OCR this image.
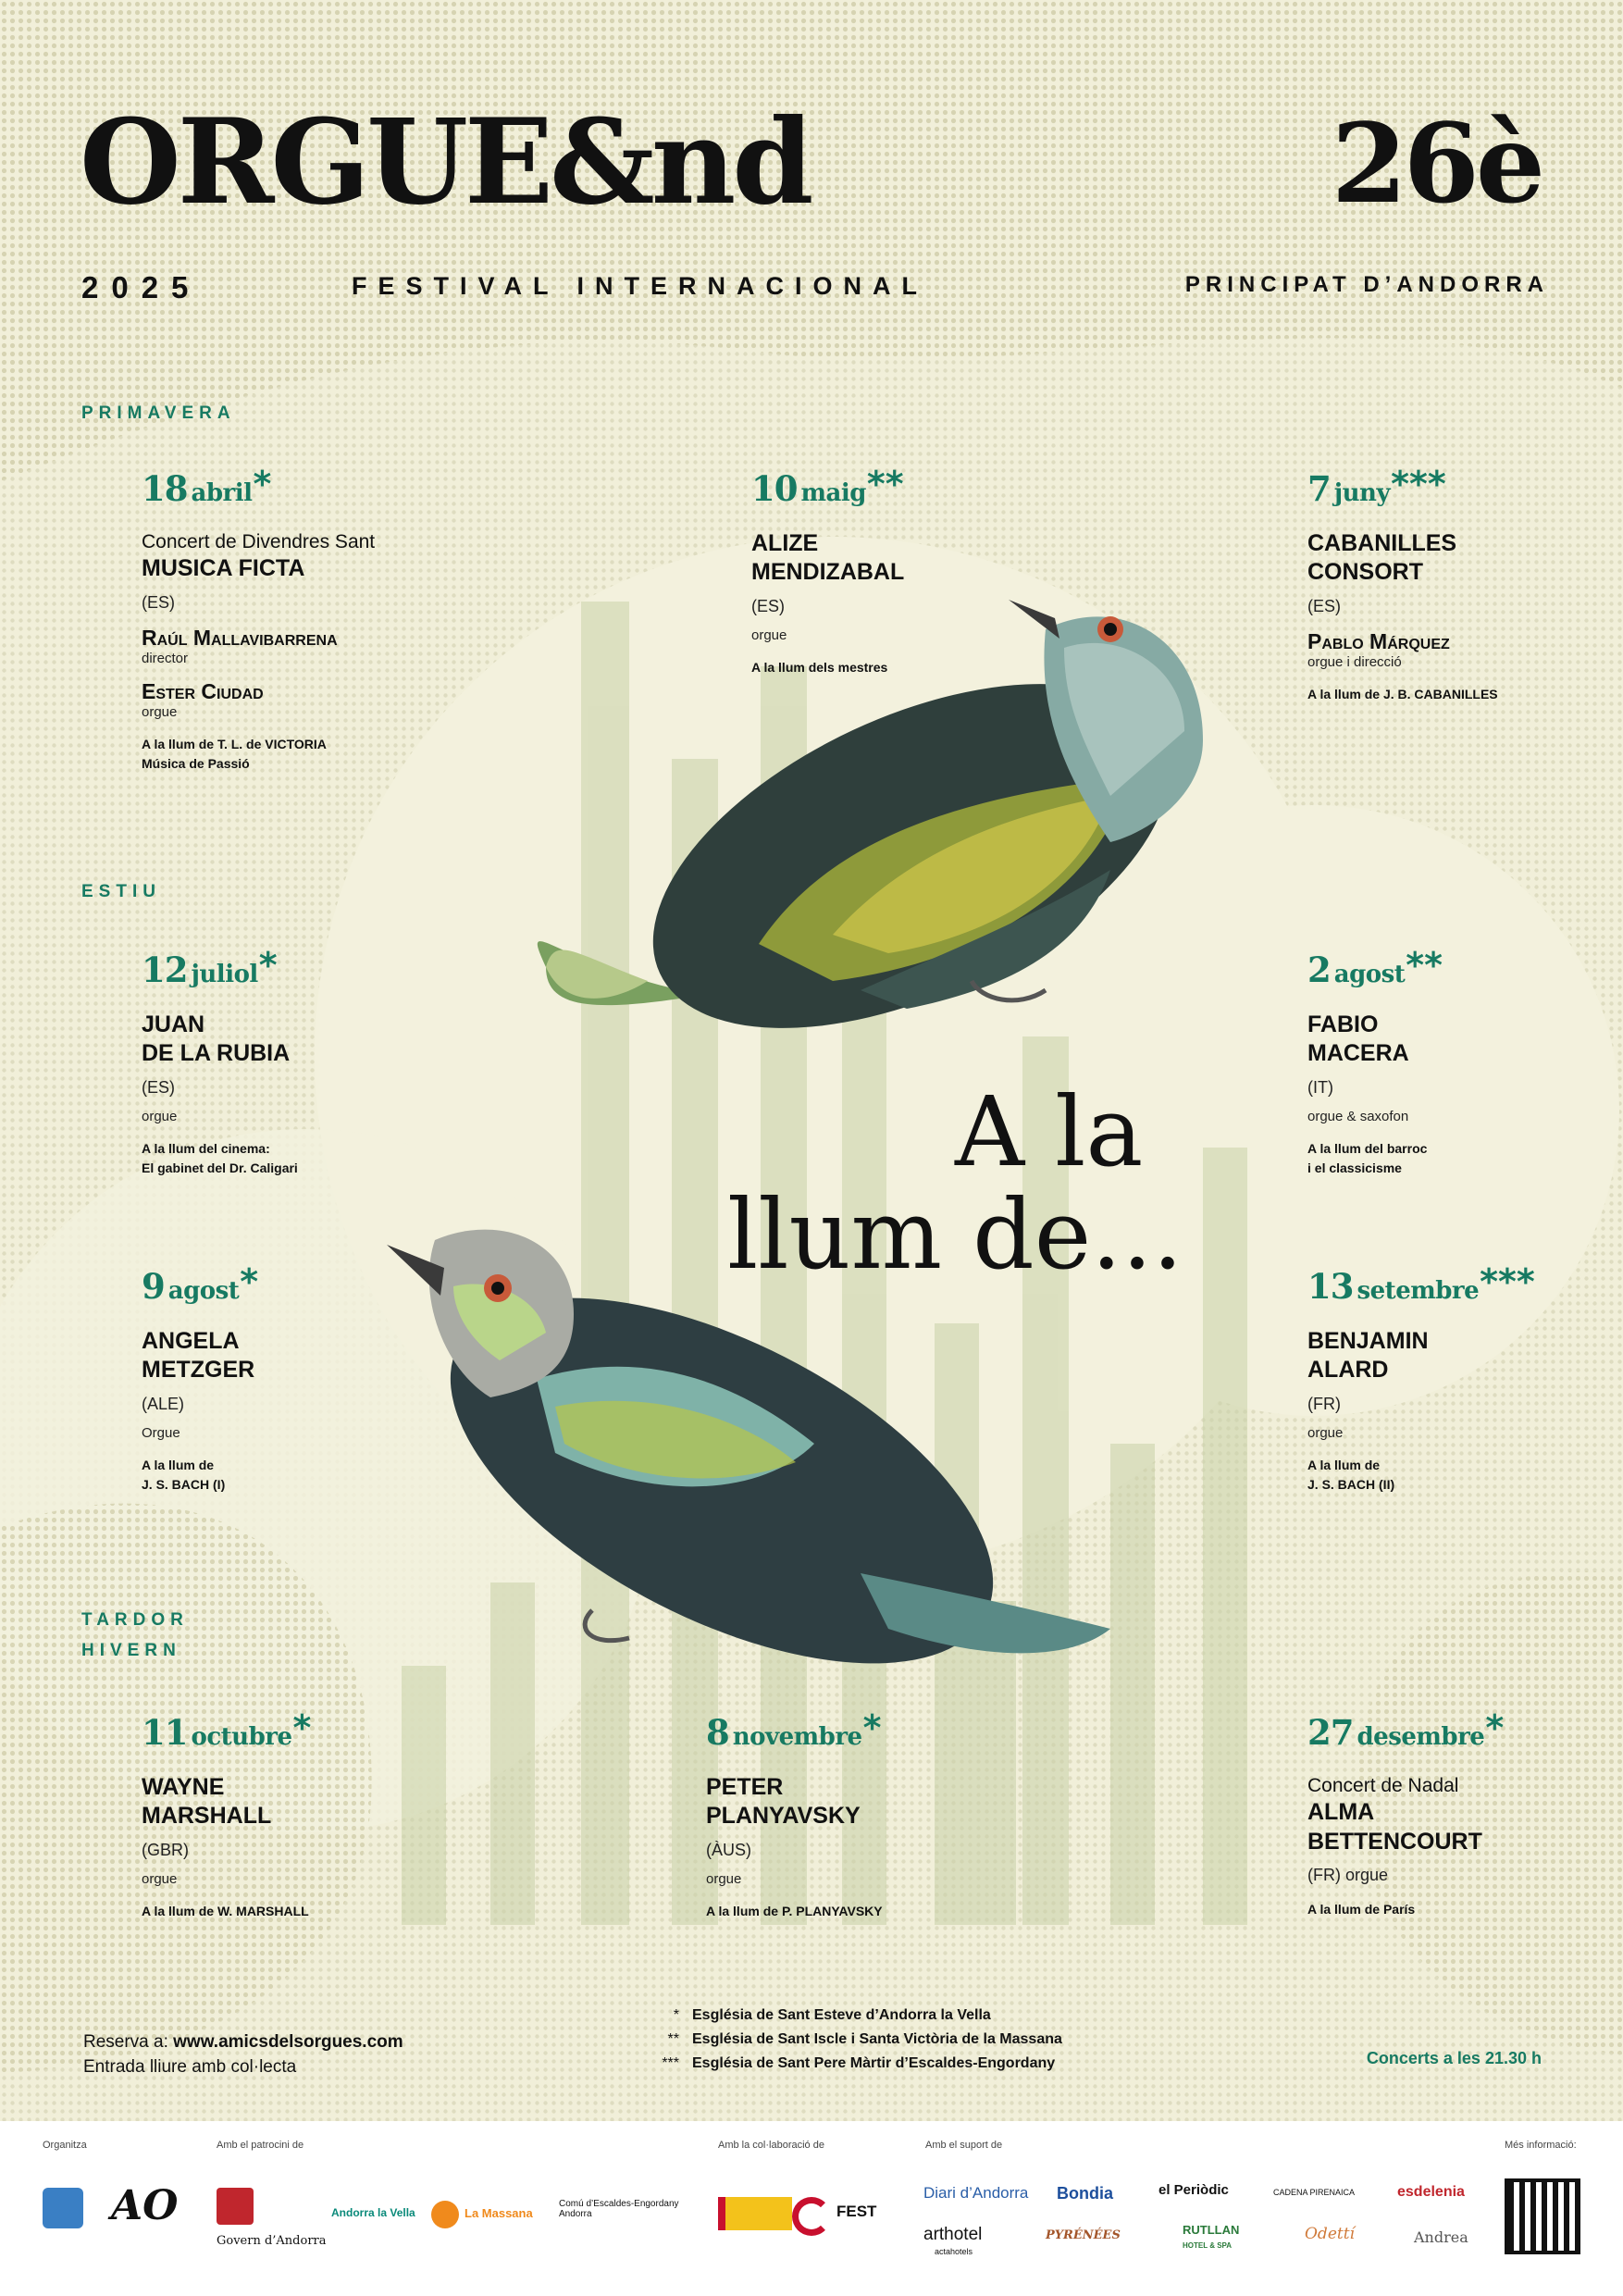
ORGUE&nd	26è
2025	FESTIVAL INTERNACIONAL	PRINCIPAT D’ANDORRA
PRIMAVERA
ESTIU
TARDOR
HIVERN
18 abril*
Concert de Divendres Sant
MUSICA FICTA
(ES)
Raúl Mallavibarrena
director
Ester Ciudad
orgue
A la llum de T. L. de VICTORIA
Música de Passió
10 maig**
ALIZE
MENDIZABAL
(ES)
orgue
A la llum dels mestres
7 juny***
CABANILLES
CONSORT
(ES)
Pablo Márquez
orgue i direcció
A la llum de J. B. CABANILLES
12 juliol*
JUAN
DE LA RUBIA
(ES)
orgue
A la llum del cinema:
El gabinet del Dr. Caligari
2 agost**
FABIO
MACERA
(IT)
orgue & saxofon
A la llum del barroc
i el classicisme
9 agost*
ANGELA
METZGER
(ALE)
Orgue
A la llum de
J. S. BACH (I)
13 setembre***
BENJAMIN
ALARD
(FR)
orgue
A la llum de
J. S. BACH (II)
11 octubre*
WAYNE
MARSHALL
(GBR)
orgue
A la llum de W. MARSHALL
8 novembre*
PETER
PLANYAVSKY
(ÀUS)
orgue
A la llum de P. PLANYAVSKY
27 desembre*
Concert de Nadal
ALMA
BETTENCOURT
(FR) orgue
A la llum de París
A la
llum de...
Reserva a: www.amicsdelsorgues.com
Entrada lliure amb col·lecta
* Església de Sant Esteve d’Andorra la Vella
** Església de Sant Iscle i Santa Victòria de la Massana
*** Església de Sant Pere Màrtir d’Escaldes-Engordany	Concerts a les 21.30 h
Organitza	Amb el patrocini de	Amb la col·laboració de	Amb el suport de	Més informació:
AO
Govern d’Andorra
Andorra la Vella	La Massana
Comú d’Escaldes-Engordany
Andorra	FEST
Diari d’Andorra Bondia	el Periòdic	CADENA PIRENAICA	esdelenia
arthotel
actahotels
PYRÉNÉES	RUTLLAN
HOTEL & SPA
Odettí	Andrea
